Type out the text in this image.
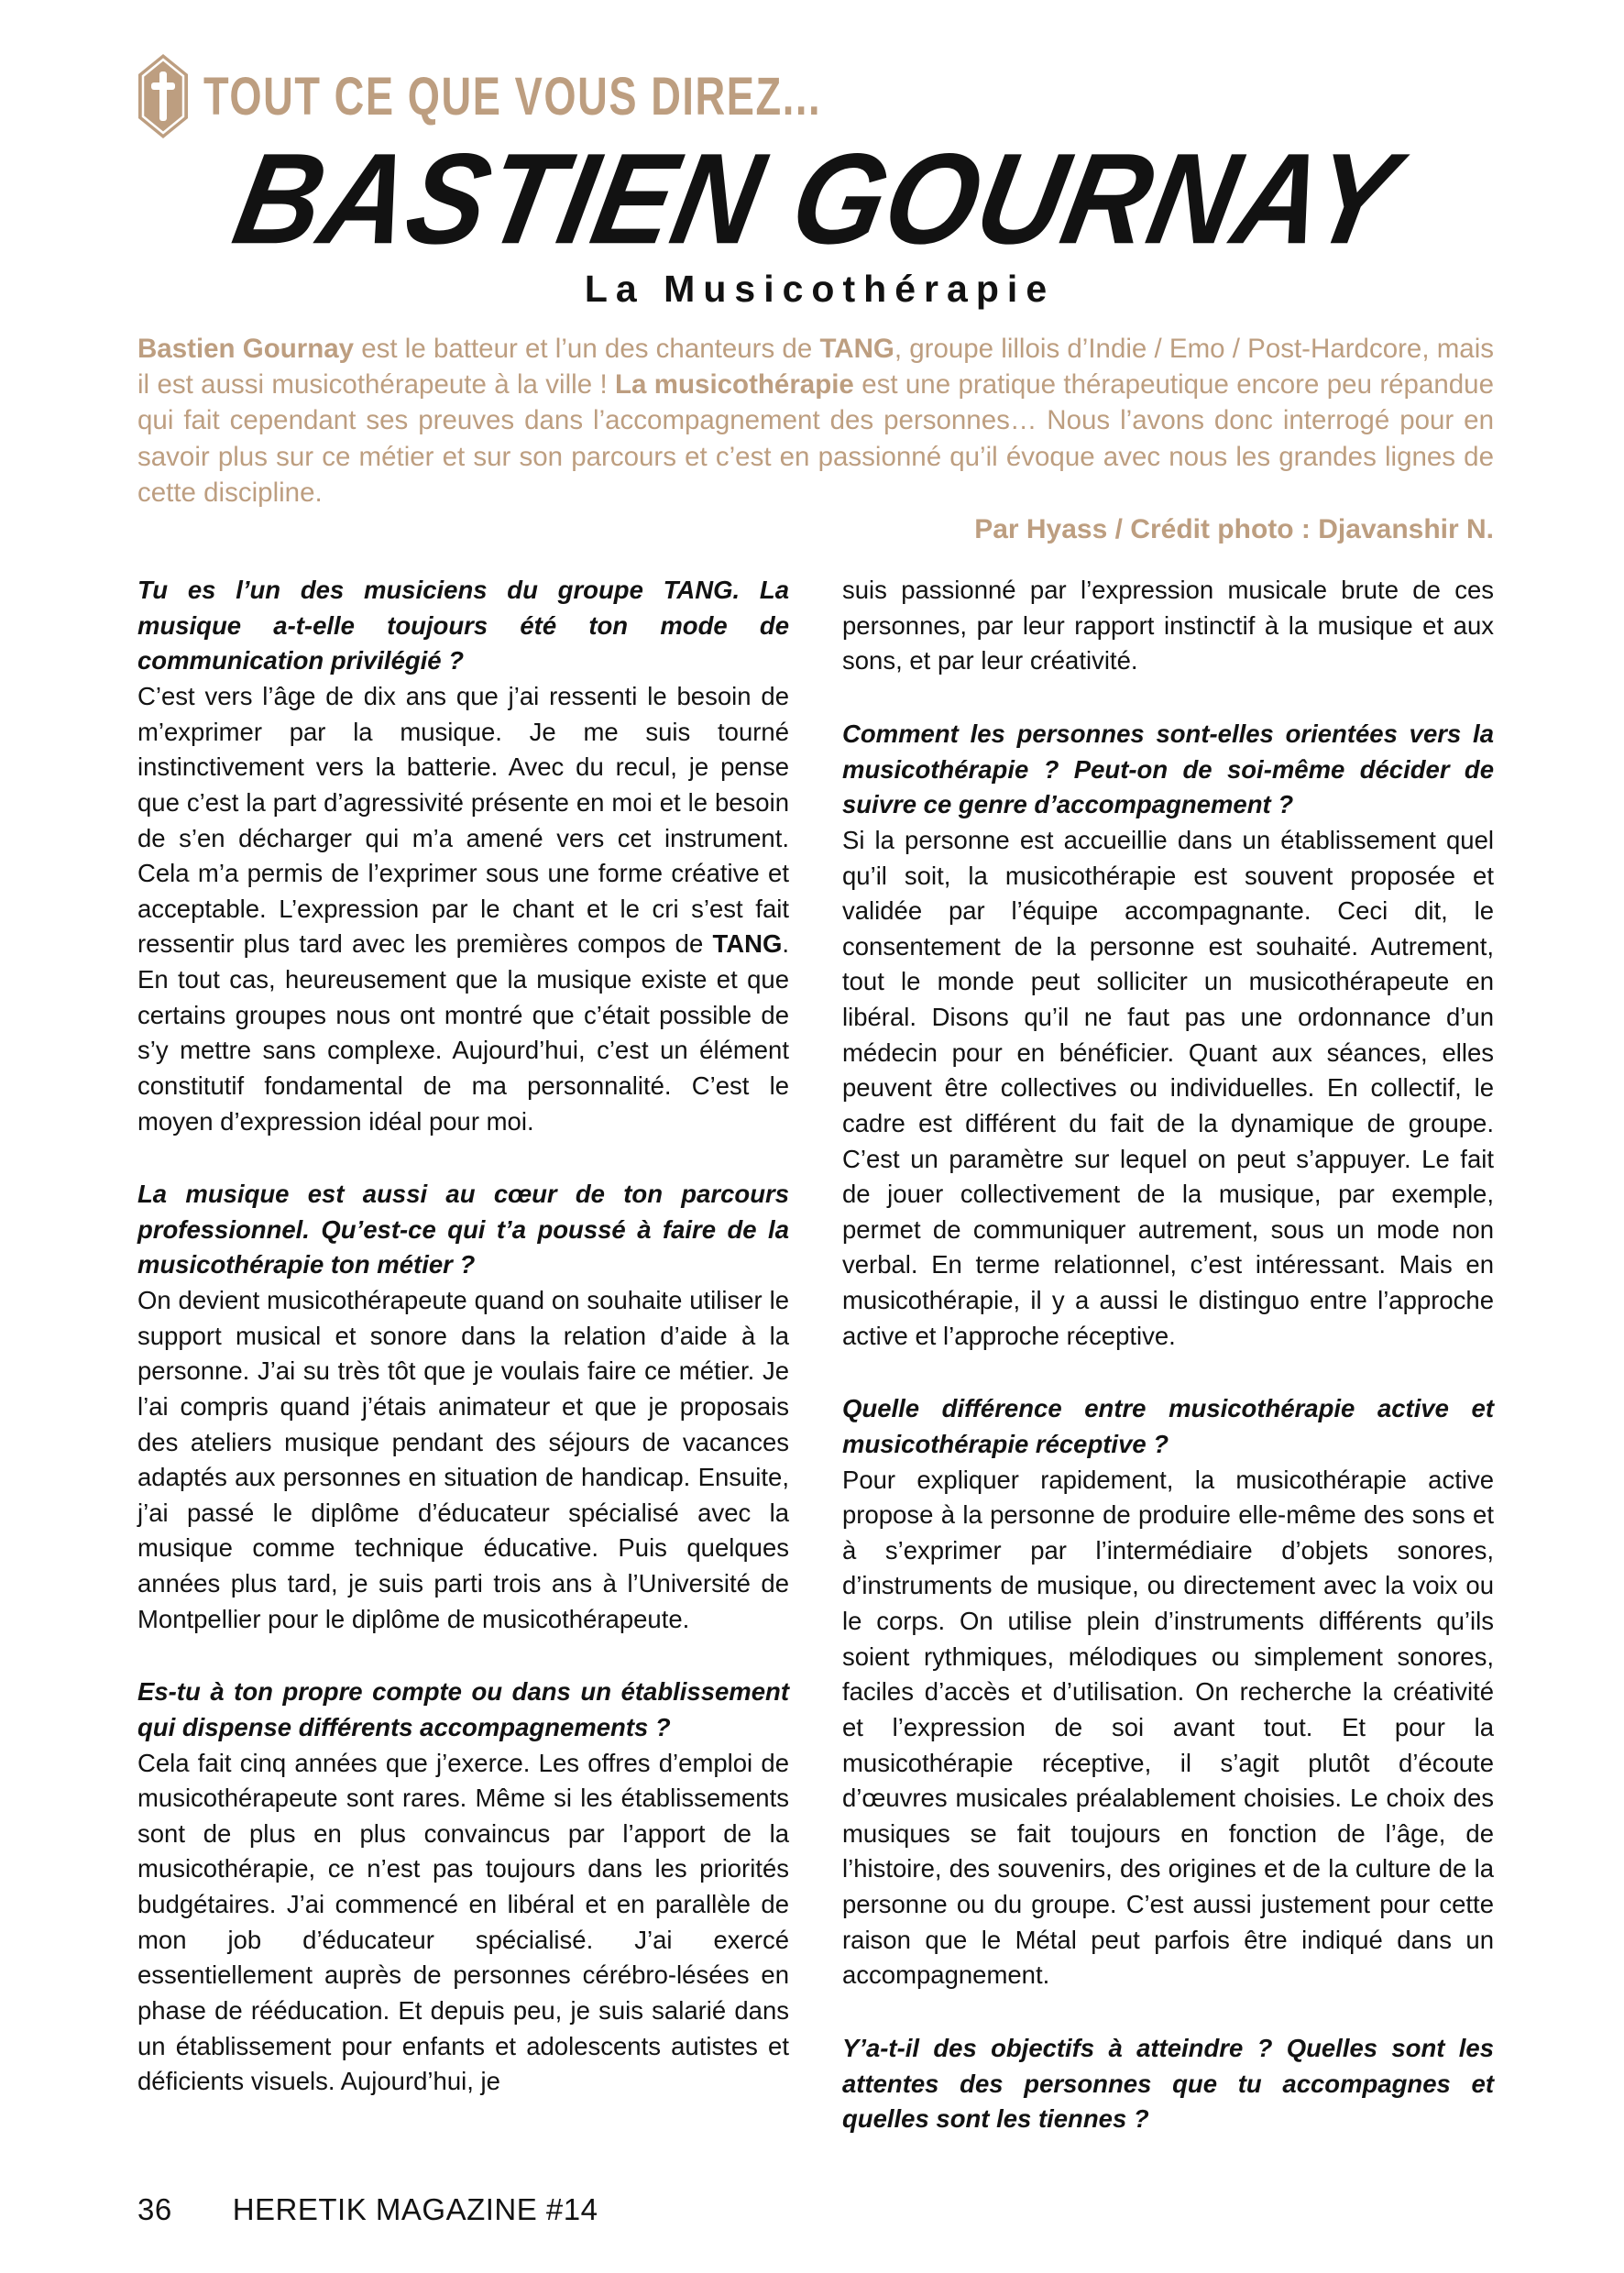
TOUT CE QUE VOUS DIREZ...
BASTIEN GOURNAY
La Musicothérapie

Bastien Gournay est le batteur et l’un des chanteurs de TANG, groupe lillois d’Indie / Emo / Post-Hardcore, mais il est aussi musicothérapeute à la ville ! La musicothérapie est une pratique thérapeutique encore peu répandue qui fait cependant ses preuves dans l’accompagnement des personnes… Nous l’avons donc interrogé pour en savoir plus sur ce métier et sur son parcours et c’est en passionné qu’il évoque avec nous les grandes lignes de cette discipline.

Par Hyass / Crédit photo : Djavanshir N.

Tu es l’un des musiciens du groupe TANG. La musique a-t-elle toujours été ton mode de communication privilégié ?

C’est vers l’âge de dix ans que j’ai ressenti le besoin de m’exprimer par la musique. Je me suis tourné instinctivement vers la batterie. Avec du recul, je pense que c’est la part d’agressivité présente en moi et le besoin de s’en décharger qui m’a amené vers cet instrument. Cela m’a permis de l’exprimer sous une forme créative et acceptable. L’expression par le chant et le cri s’est fait ressentir plus tard avec les premières compos de TANG. En tout cas, heureusement que la musique existe et que certains groupes nous ont montré que c’était possible de s’y mettre sans complexe. Aujourd’hui, c’est un élément constitutif fondamental de ma personnalité. C’est le moyen d’expression idéal pour moi.

La musique est aussi au cœur de ton parcours professionnel. Qu’est-ce qui t’a poussé à faire de la musicothérapie ton métier ?

On devient musicothérapeute quand on souhaite utiliser le support musical et sonore dans la relation d’aide à la personne. J’ai su très tôt que je voulais faire ce métier. Je l’ai compris quand j’étais animateur et que je proposais des ateliers musique pendant des séjours de vacances adaptés aux personnes en situation de handicap. Ensuite, j’ai passé le diplôme d’éducateur spécialisé avec la musique comme technique éducative. Puis quelques années plus tard, je suis parti trois ans à l’Université de Montpellier pour le diplôme de musicothérapeute.

Es-tu à ton propre compte ou dans un établissement qui dispense différents accompagnements ?

Cela fait cinq années que j’exerce. Les offres d’emploi de musicothérapeute sont rares. Même si les établissements sont de plus en plus convaincus par l’apport de la musicothérapie, ce n’est pas toujours dans les priorités budgétaires. J’ai commencé en libéral et en parallèle de mon job d’éducateur spécialisé. J’ai exercé essentiellement auprès de personnes cérébro-lésées en phase de rééducation. Et depuis peu, je suis salarié dans un établissement pour enfants et adolescents autistes et déficients visuels. Aujourd’hui, je

suis passionné par l’expression musicale brute de ces personnes, par leur rapport instinctif à la musique et aux sons, et par leur créativité.

Comment les personnes sont-elles orientées vers la musicothérapie ? Peut-on de soi-même décider de suivre ce genre d’accompagnement ?

Si la personne est accueillie dans un établissement quel qu’il soit, la musicothérapie est souvent proposée et validée par l’équipe accompagnante. Ceci dit, le consentement de la personne est souhaité. Autrement, tout le monde peut solliciter un musicothérapeute en libéral. Disons qu’il ne faut pas une ordonnance d’un médecin pour en bénéficier. Quant aux séances, elles peuvent être collectives ou individuelles. En collectif, le cadre est différent du fait de la dynamique de groupe. C’est un paramètre sur lequel on peut s’appuyer. Le fait de jouer collectivement de la musique, par exemple, permet de communiquer autrement, sous un mode non verbal. En terme relationnel, c’est intéressant. Mais en musicothérapie, il y a aussi le distinguo entre l’approche active et l’approche réceptive.

Quelle différence entre musicothérapie active et musicothérapie réceptive ?

Pour expliquer rapidement, la musicothérapie active propose à la personne de produire elle-même des sons et à s’exprimer par l’intermédiaire d’objets sonores, d’instruments de musique, ou directement avec la voix ou le corps. On utilise plein d’instruments différents qu’ils soient rythmiques, mélodiques ou simplement sonores, faciles d’accès et d’utilisation. On recherche la créativité et l’expression de soi avant tout. Et pour la musicothérapie réceptive, il s’agit plutôt d’écoute d’œuvres musicales préalablement choisies. Le choix des musiques se fait toujours en fonction de l’âge, de l’histoire, des souvenirs, des origines et de la culture de la personne ou du groupe. C’est aussi justement pour cette raison que le Métal peut parfois être indiqué dans un accompagnement.

Y’a-t-il des objectifs à atteindre ? Quelles sont les attentes des personnes que tu accompagnes et quelles sont les tiennes ?

36 HERETIK MAGAZINE #14
